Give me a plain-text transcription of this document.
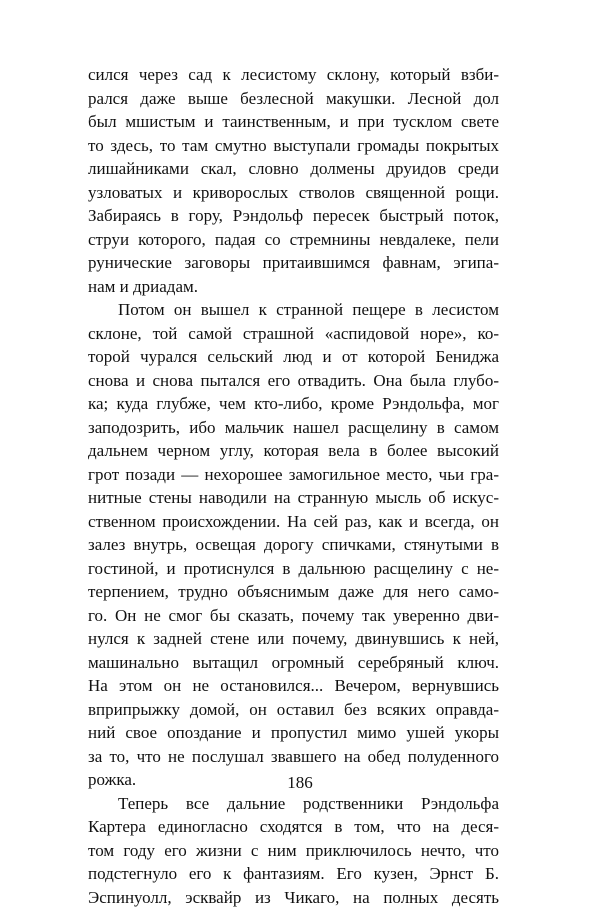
сился через сад к лесистому склону, который взби-
рался даже выше безлесной макушки. Лесной дол
был мшистым и таинственным, и при тусклом свете
то здесь, то там смутно выступали громады покрытых
лишайниками скал, словно долмены друидов среди
узловатых и криворослых стволов священной рощи.
Забираясь в гору, Рэндольф пересек быстрый поток,
струи которого, падая со стремнины невдалеке, пели
рунические заговоры притаившимся фавнам, эгипа-
нам и дриадам.
Потом он вышел к странной пещере в лесистом
склоне, той самой страшной «аспидовой норе», ко-
торой чурался сельский люд и от которой Бениджа
снова и снова пытался его отвадить. Она была глубо-
ка; куда глубже, чем кто-либо, кроме Рэндольфа, мог
заподозрить, ибо мальчик нашел расщелину в самом
дальнем черном углу, которая вела в более высокий
грот позади — нехорошее замогильное место, чьи гра-
нитные стены наводили на странную мысль об искус-
ственном происхождении. На сей раз, как и всегда, он
залез внутрь, освещая дорогу спичками, стянутыми в
гостиной, и протиснулся в дальнюю расщелину с не-
терпением, трудно объяснимым даже для него само-
го. Он не смог бы сказать, почему так уверенно дви-
нулся к задней стене или почему, двинувшись к ней,
машинально вытащил огромный серебряный ключ.
На этом он не остановился... Вечером, вернувшись
вприпрыжку домой, он оставил без всяких оправда-
ний свое опоздание и пропустил мимо ушей укоры
за то, что не послушал звавшего на обед полуденного
рожка.
Теперь все дальние родственники Рэндольфа
Картера единогласно сходятся в том, что на деся-
том году его жизни с ним приключилось нечто, что
подстегнуло его к фантазиям. Его кузен, Эрнст Б.
Эспинуолл, эсквайр из Чикаго, на полных десять
186
